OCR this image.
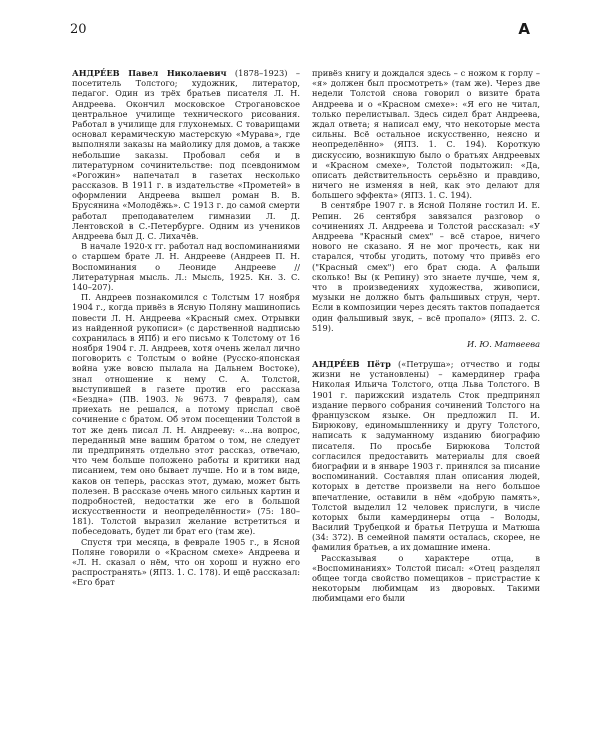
20	А

АНДРЕ́ЕВ Павел Николаевич (1878–1923) – посетитель Толстого; художник, литератор, педагог. Один из трёх братьев писателя Л. Н. Андреева. Окончил московское Строгановское центральное училище технического рисования. Работал в училище для глухонемых. С товарищами основал керамическую мастерскую «Мурава», где выполняли заказы на майолику для домов, а также небольшие заказы. Пробовал себя и в литературном сочинительстве: под псевдонимом «Рогожин» напечатал в газетах несколько рассказов. В 1911 г. в издательстве «Прометей» в оформлении Андреева вышел роман В. В. Брусянина «Молодёжь». С 1913 г. до самой смерти работал преподавателем гимназии Л. Д. Лентовской в С.-Петербурге. Одним из учеников Андреева был Д. С. Лихачёв.

В начале 1920-х гг. работал над воспоминаниями о старшем брате Л. Н. Андрееве (Андреев П. Н. Воспоминания о Леониде Андрееве // Литературная мысль. Л.: Мысль, 1925. Кн. 3. С. 140–207).

П. Андреев познакомился с Толстым 17 ноября 1904 г., когда привёз в Ясную Поляну машинопись повести Л. Н. Андреева «Красный смех. Отрывки из найденной рукописи» (с дарственной надписью сохранилась в ЯПб) и его письмо к Толстому от 16 ноября 1904 г. Л. Андреев, хотя очень желал лично поговорить с Толстым о войне (Русско-японская война уже вовсю пылала на Дальнем Востоке), знал отношение к нему С. А. Толстой, выступившей в газете против его рассказа «Бездна» (ПВ. 1903. № 9673. 7 февраля), сам приехать не решался, а потому прислал своё сочинение с братом. Об этом посещении Толстой в тот же день писал Л. Н. Андрееву: «...на вопрос, переданный мне вашим братом о том, не следует ли предпринять отдельно этот рассказ, отвечаю, что чем больше положено работы и критики над писанием, тем оно бывает лучше. Но и в том виде, каков он теперь, рассказ этот, думаю, может быть полезен. В рассказе очень много сильных картин и подробностей, недостатки же его в большой искусственности и неопределённости» (75: 180–181). Толстой выразил желание встретиться и побеседовать, будет ли брат его (там же).

Спустя три месяца, в феврале 1905 г., в Ясной Поляне говорили о «Красном смехе» Андреева и «Л. Н. сказал о нём, что он хорош и нужно его распространять» (ЯПЗ. 1. С. 178). И ещё рассказал: «Его брат

привёз книгу и дождался здесь – с ножом к горлу – «я» должен был просмотреть» (там же). Через две недели Толстой снова говорил о визите брата Андреева и о «Красном смехе»: «Я его не читал, только перелистывал. Здесь сидел брат Андреева, ждал ответа; я написал ему, что некоторые места сильны. Всё остальное искусственно, неясно и неопределённо» (ЯПЗ. 1. С. 194). Короткую дискуссию, возникшую было о братьях Андреевых и «Красном смехе», Толстой подытожил: «Да, описать действительность серьёзно и правдиво, ничего не изменяя в ней, как это делают для большего эффекта» (ЯПЗ. 1. С. 194).

В сентябре 1907 г. в Ясной Поляне гостил И. Е. Репин. 26 сентября завязался разговор о сочинениях Л. Андреева и Толстой рассказал: «У Андреева "Красный смех" – всё старое, ничего нового не сказано. Я не мог прочесть, как ни старался, чтобы угодить, потому что привёз его ("Красный смех") его брат сюда. А фальши сколько! Вы (к Репину) это знаете лучше, чем я, что в произведениях художества, живописи, музыки не должно быть фальшивых струн, черт. Если в композиции через десять тактов попадается один фальшивый звук, – всё пропало» (ЯПЗ. 2. С. 519).

И. Ю. Матвеева

АНДРЕ́ЕВ Пётр («Петруша»; отчество и годы жизни не установлены) – камердинер графа Николая Ильича Толстого, отца Льва Толстого. В 1901 г. парижский издатель Сток предпринял издание первого собрания сочинений Толстого на французском языке. Он предложил П. И. Бирюкову, единомышленнику и другу Толстого, написать к задуманному изданию биографию писателя. По просьбе Бирюкова Толстой согласился предоставить материалы для своей биографии и в январе 1903 г. принялся за писание воспоминаний. Составляя план описания людей, которых в детстве произвели на него большое впечатление, оставили в нём «добрую память», Толстой выделил 12 человек прислуги, в числе которых были камердинеры отца – Володы, Василий Трубецкой и братья Петруша и Матюша (34: 372). В семейной памяти осталась, скорее, не фамилия братьев, а их домашние имена.

Рассказывая о характере отца, в «Воспоминаниях» Толстой писал: «Отец разделял общее тогда свойство помещиков – пристрастие к некоторым любимцам из дворовых. Такими любимцами его были
